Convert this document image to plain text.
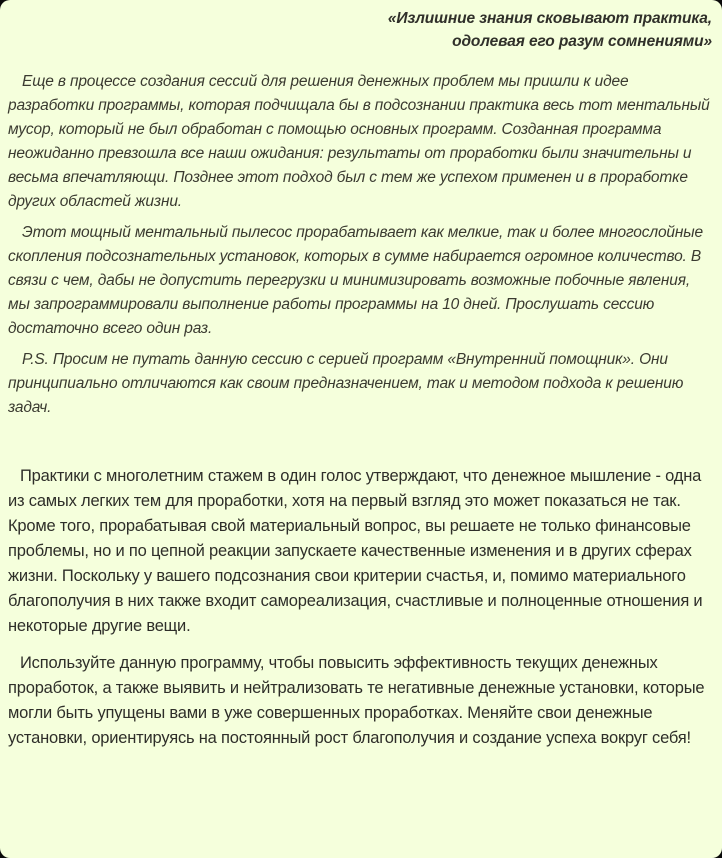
«Излишние знания сковывают практика,
одолевая его разум сомнениями»

Еще в процессе создания сессий для решения денежных проблем мы пришли к идее разработки программы, которая подчищала бы в подсознании практика весь тот ментальный мусор, который не был обработан с помощью основных программ. Созданная программа неожиданно превзошла все наши ожидания: результаты от проработки были значительны и весьма впечатляющи. Позднее этот подход был с тем же успехом применен и в проработке других областей жизни.

Этот мощный ментальный пылесос прорабатывает как мелкие, так и более многослойные скопления подсознательных установок, которых в сумме набирается огромное количество. В связи с чем, дабы не допустить перегрузки и минимизировать возможные побочные явления, мы запрограммировали выполнение работы программы на 10 дней. Прослушать сессию достаточно всего один раз.

P.S. Просим не путать данную сессию с серией программ «Внутренний помощник». Они принципиально отличаются как своим предназначением, так и методом подхода к решению задач.

Практики с многолетним стажем в один голос утверждают, что денежное мышление - одна из самых легких тем для проработки, хотя на первый взгляд это может показаться не так. Кроме того, прорабатывая свой материальный вопрос, вы решаете не только финансовые проблемы, но и по цепной реакции запускаете качественные изменения и в других сферах жизни. Поскольку у вашего подсознания свои критерии счастья, и, помимо материального благополучия в них также входит самореализация, счастливые и полноценные отношения и некоторые другие вещи.

Используйте данную программу, чтобы повысить эффективность текущих денежных проработок, а также выявить и нейтрализовать те негативные денежные установки, которые могли быть упущены вами в уже совершенных проработках. Меняйте свои денежные установки, ориентируясь на постоянный рост благополучия и создание успеха вокруг себя!
